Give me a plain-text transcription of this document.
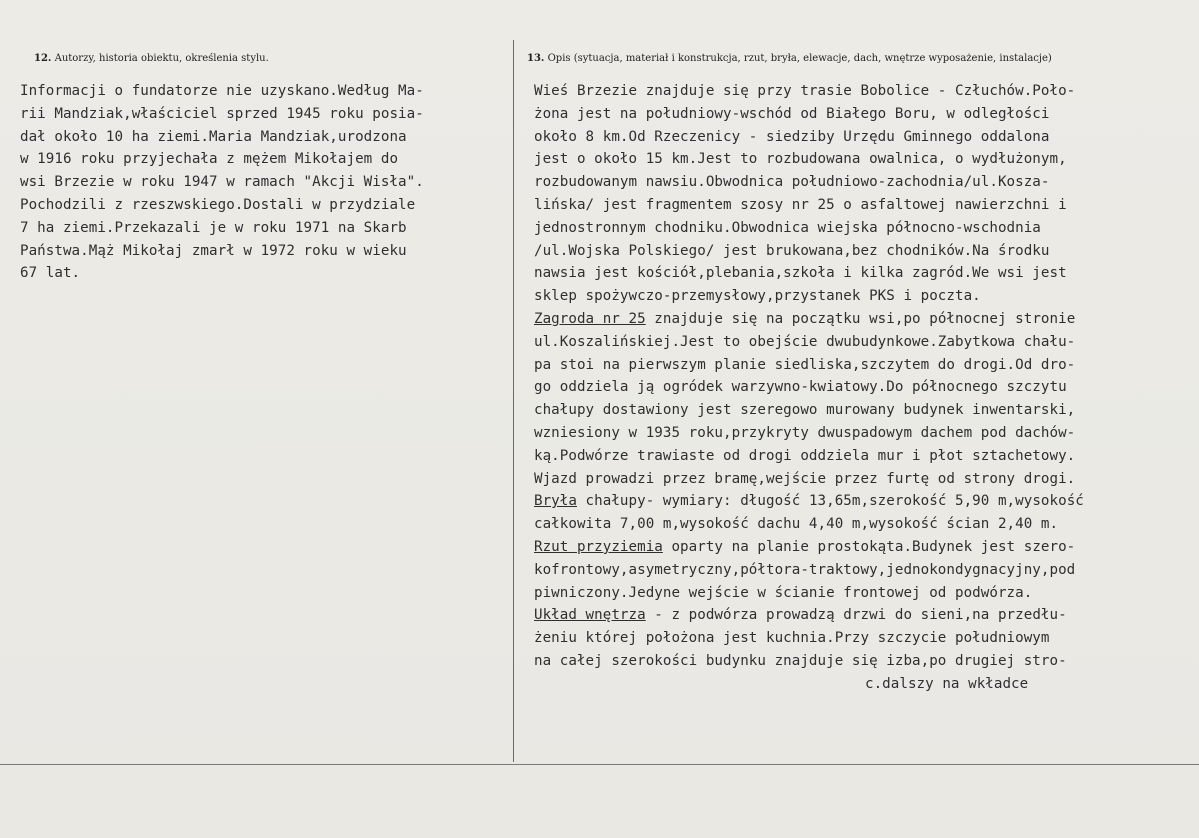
12. Autorzy, historia obiektu, określenia stylu.	13. Opis (sytuacja, materiał i konstrukcja, rzut, bryła, elewacje, dach, wnętrze wyposażenie, instalacje)
Informacji o fundatorze nie uzyskano.Według Ma-
rii Mandziak,właściciel sprzed 1945 roku posia-
dał około 10 ha ziemi.Maria Mandziak,urodzona
w 1916 roku przyjechała z mężem Mikołajem do
wsi Brzezie w roku 1947 w ramach "Akcji Wisła".
Pochodzili z rzeszwskiego.Dostali w przydziale
7 ha ziemi.Przekazali je w roku 1971 na Skarb
Państwa.Mąż Mikołaj zmarł w 1972 roku w wieku
67 lat.
Wieś Brzezie znajduje się przy trasie Bobolice - Człuchów.Poło-
żona jest na południowy-wschód od Białego Boru, w odległości
około 8 km.Od Rzeczenicy - siedziby Urzędu Gminnego oddalona
jest o około 15 km.Jest to rozbudowana owalnica, o wydłużonym,
rozbudowanym nawsiu.Obwodnica południowo-zachodnia/ul.Kosza-
lińska/ jest fragmentem szosy nr 25 o asfaltowej nawierzchni i
jednostronnym chodniku.Obwodnica wiejska północno-wschodnia
/ul.Wojska Polskiego/ jest brukowana,bez chodników.Na środku
nawsia jest kościół,plebania,szkoła i kilka zagród.We wsi jest
sklep spożywczo-przemysłowy,przystanek PKS i poczta.
Zagroda nr 25 znajduje się na początku wsi,po północnej stronie
ul.Koszalińskiej.Jest to obejście dwubudynkowe.Zabytkowa chału-
pa stoi na pierwszym planie siedliska,szczytem do drogi.Od dro-
go oddziela ją ogródek warzywno-kwiatowy.Do północnego szczytu
chałupy dostawiony jest szeregowo murowany budynek inwentarski,
wzniesiony w 1935 roku,przykryty dwuspadowym dachem pod dachów-
ką.Podwórze trawiaste od drogi oddziela mur i płot sztachetowy.
Wjazd prowadzi przez bramę,wejście przez furtę od strony drogi.
Bryła chałupy- wymiary: długość 13,65m,szerokość 5,90 m,wysokość
całkowita 7,00 m,wysokość dachu 4,40 m,wysokość ścian 2,40 m.
Rzut przyziemia oparty na planie prostokąta.Budynek jest szero-
kofrontowy,asymetryczny,półtora-traktowy,jednokondygnacyjny,pod
piwniczony.Jedyne wejście w ścianie frontowej od podwórza.
Układ wnętrza - z podwórza prowadzą drzwi do sieni,na przedłu-
żeniu której położona jest kuchnia.Przy szczycie południowym
na całej szerokości budynku znajduje się izba,po drugiej stro-
c.dalszy na wkładce
